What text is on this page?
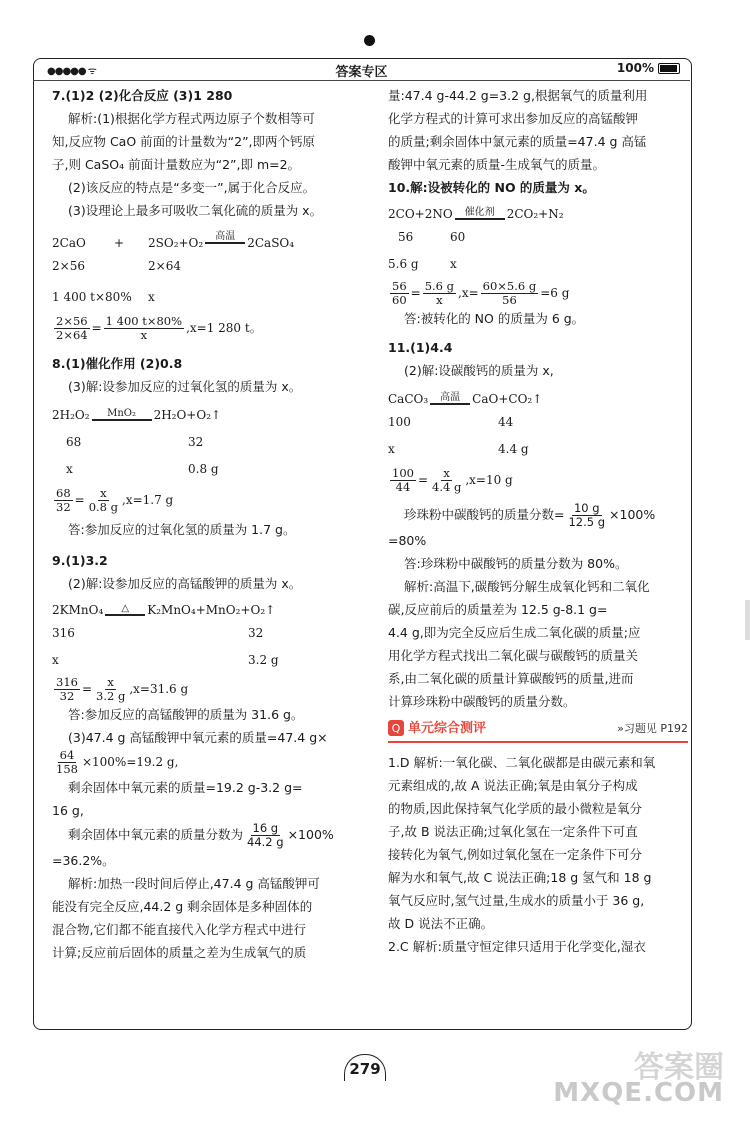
●●●●● ᯤ	答案专区	100%
7.(1)2 (2)化合反应 (3)1 280
解析:(1)根据化学方程式两边原子个数相等可
知,反应物 CaO 前面的计量数为“2”,即两个钙原
子,则 CaSO₄ 前面计量数应为“2”,即 m=2。
(2)该反应的特点是“多变一”,属于化合反应。
(3)设理论上最多可吸收二氧化硫的质量为 x。
2CaO	+	2SO₂+O₂ 高温 2CaSO₄
2×56	2×64
1 400 t×80%	x
$\frac{2\times 56}{2\times 64} = \frac{1 400 t\times 80\%}{x} ,x=1$ 280 t。
8.(1)催化作用 (2)0.8
(3)解:设参加反应的过氧化氢的质量为 x。
2H₂O₂ MnO₂ 2H₂O+O₂↑
68	32
x	0.8 g
$\frac{68}{32} = \frac{x}{0.8 g} ,x=1.7$ g
答:参加反应的过氧化氢的质量为 1.7 g。
9.(1)3.2
(2)解:设参加反应的高锰酸钾的质量为 x。
2KMnO₄ △ K₂MnO₄+MnO₂+O₂↑
316	32
x	3.2 g
$\frac{316}{32} = \frac{x}{3.2 g} ,x=31.6$ g
答:参加反应的高锰酸钾的质量为 31.6 g。
(3)47.4 g 高锰酸钾中氧元素的质量=47.4 g×
$\frac{64}{158} \times 100\%=19.2$ g,
剩余固体中氧元素的质量=19.2 g-3.2 g=
16 g,
剩余固体中氧元素的质量分数为 $\frac{16 g}{44.2 g} \times 100\%$
=36.2%。
解析:加热一段时间后停止,47.4 g 高锰酸钾可
能没有完全反应,44.2 g 剩余固体是多种固体的
混合物,它们都不能直接代入化学方程式中进行
计算;反应前后固体的质量之差为生成氧气的质
量:47.4 g-44.2 g=3.2 g,根据氧气的质量利用
化学方程式的计算可求出参加反应的高锰酸钾
的质量;剩余固体中氯元素的质量=47.4 g 高锰
酸钾中氧元素的质量-生成氧气的质量。
10.解:设被转化的 NO 的质量为 x。
2CO+2NO 催化剂 2CO₂+N₂
56	60
5.6 g	x
$\frac{56}{60} = \frac{5.6 g}{x} ,x= \frac{60\times 5.6 g}{56} =6$ g
答:被转化的 NO 的质量为 6 g。
11.(1)4.4
(2)解:设碳酸钙的质量为 x,
CaCO₃ 高温 CaO+CO₂↑
100	44
x	4.4 g
$\frac{100}{44} = \frac{x}{4.4 g} ,x=10$ g
珍珠粉中碳酸钙的质量分数= $\frac{10 g}{12.5 g} \times 100\%$
=80%
答:珍珠粉中碳酸钙的质量分数为 80%。
解析:高温下,碳酸钙分解生成氧化钙和二氧化
碳,反应前后的质量差为 12.5 g-8.1 g=
4.4 g,即为完全反应后生成二氧化碳的质量;应
用化学方程式找出二氧化碳与碳酸钙的质量关
系,由二氧化碳的质量计算碳酸钙的质量,进而
计算珍珠粉中碳酸钙的质量分数。
Q 单元综合测评	»习题见 P192
1.D 解析:一氧化碳、二氧化碳都是由碳元素和氧
元素组成的,故 A 说法正确;氧是由氧分子构成
的物质,因此保持氧气化学质的最小微粒是氧分
子,故 B 说法正确;过氧化氢在一定条件下可直
接转化为氧气,例如过氧化氢在一定条件下可分
解为水和氧气,故 C 说法正确;18 g 氢气和 18 g
氧气反应时,氢气过量,生成水的质量小于 36 g,
故 D 说法不正确。
2.C 解析:质量守恒定律只适用于化学变化,湿衣
279	答案圈
MXQE.COM
